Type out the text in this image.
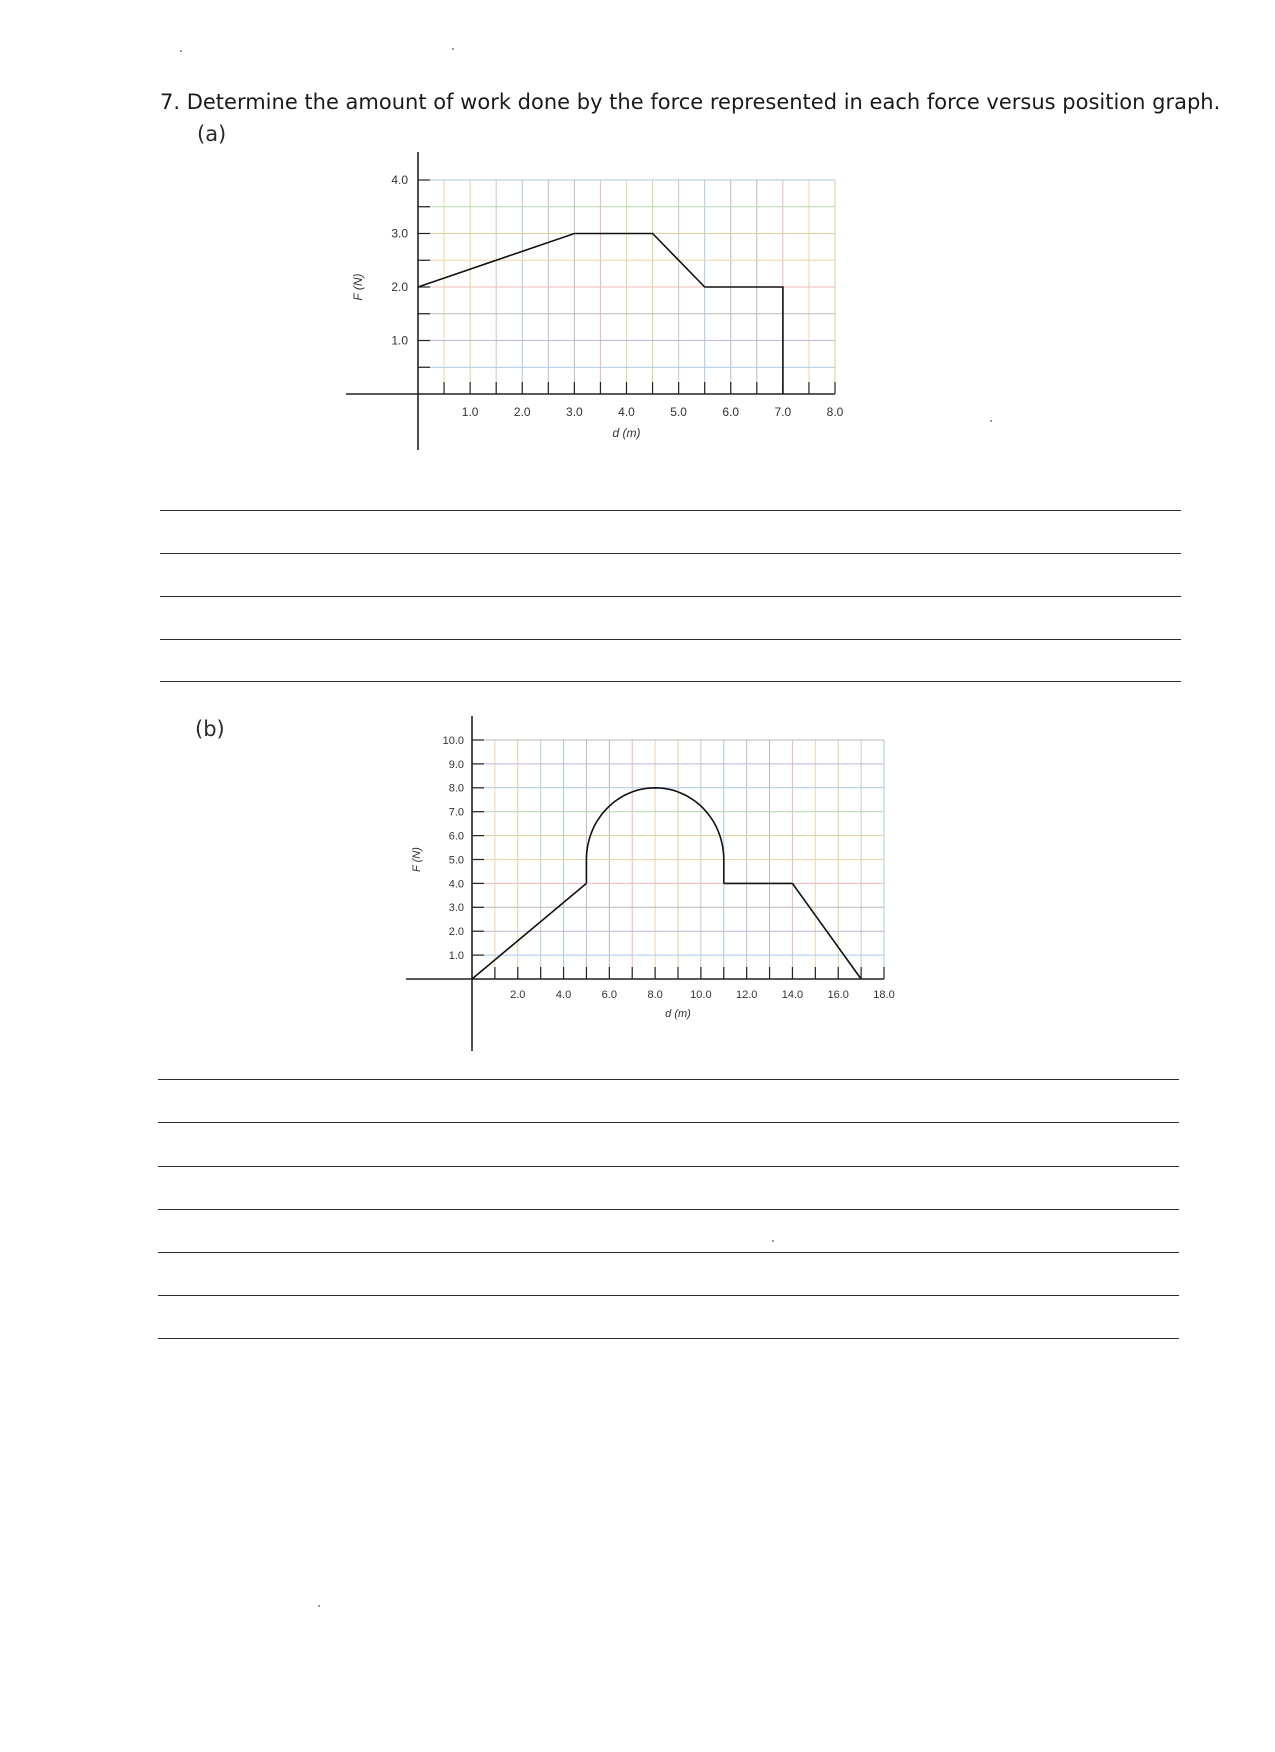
7. Determine the amount of work done by the force represented in each force versus position graph.
(a)
(b)
1.0	2.0	3.0	4.0	5.0	6.0	7.0	8.0
1.0
2.0
3.0
4.0
d (m)
F (N)
2.0	4.0	6.0	8.0 10.0 12.0 14.0 16.0 18.0
1.0
2.0
3.0
4.0
5.0
6.0
7.0
8.0
9.0
10.0
d (m)
F (N)
